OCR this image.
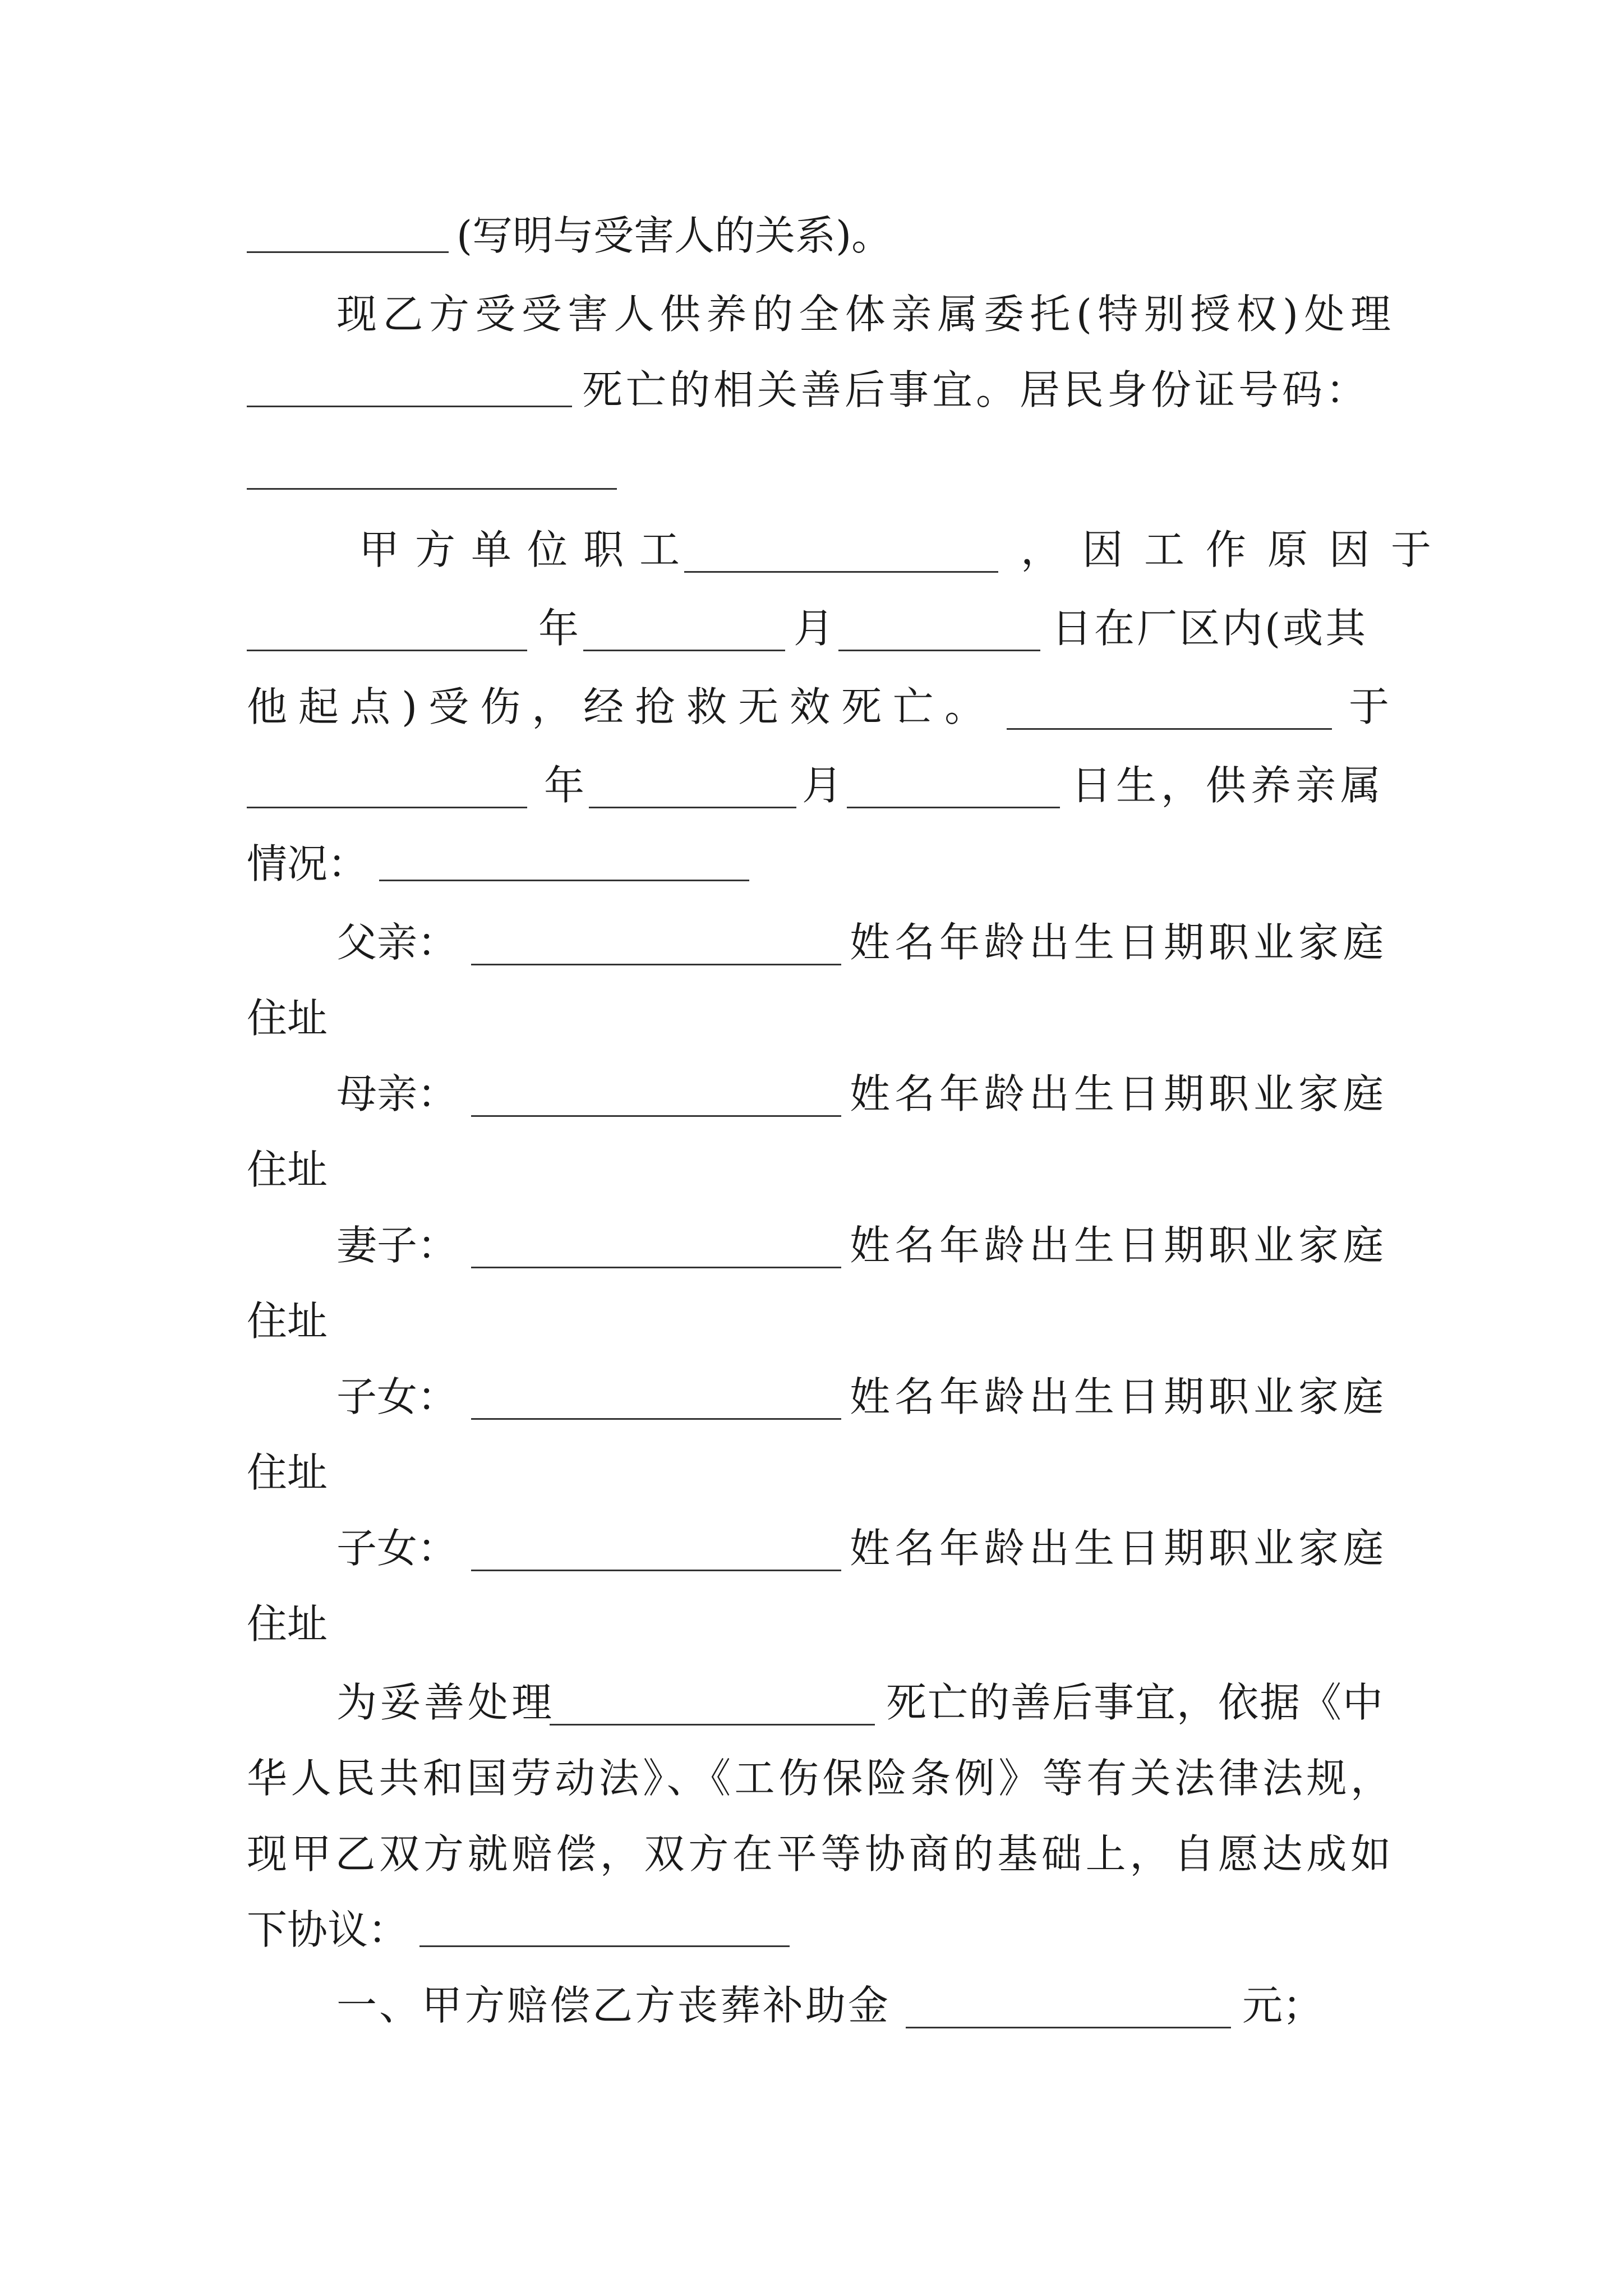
(写明与受害人的关系)。
现乙方受受害人供养的全体亲属委托(特别授权)处理
死亡的相关善后事宜。居民身份证号码：
甲方单位职工	，因工作原因于
年	月	日在厂区内(或其
他起点)受伤，经抢救无效死亡。	于
年	月	日生，供养亲属
情况：
父亲：	姓名年龄出生日期职业家庭
住址
母亲：	姓名年龄出生日期职业家庭
住址
妻子：	姓名年龄出生日期职业家庭
住址
子女：	姓名年龄出生日期职业家庭
住址
子女：	姓名年龄出生日期职业家庭
住址
为妥善处理	死亡的善后事宜，依据《中
华人民共和国劳动法》、《工伤保险条例》等有关法律法规，
现甲乙双方就赔偿，双方在平等协商的基础上，自愿达成如
下协议：
一、甲方赔偿乙方丧葬补助金	元；
